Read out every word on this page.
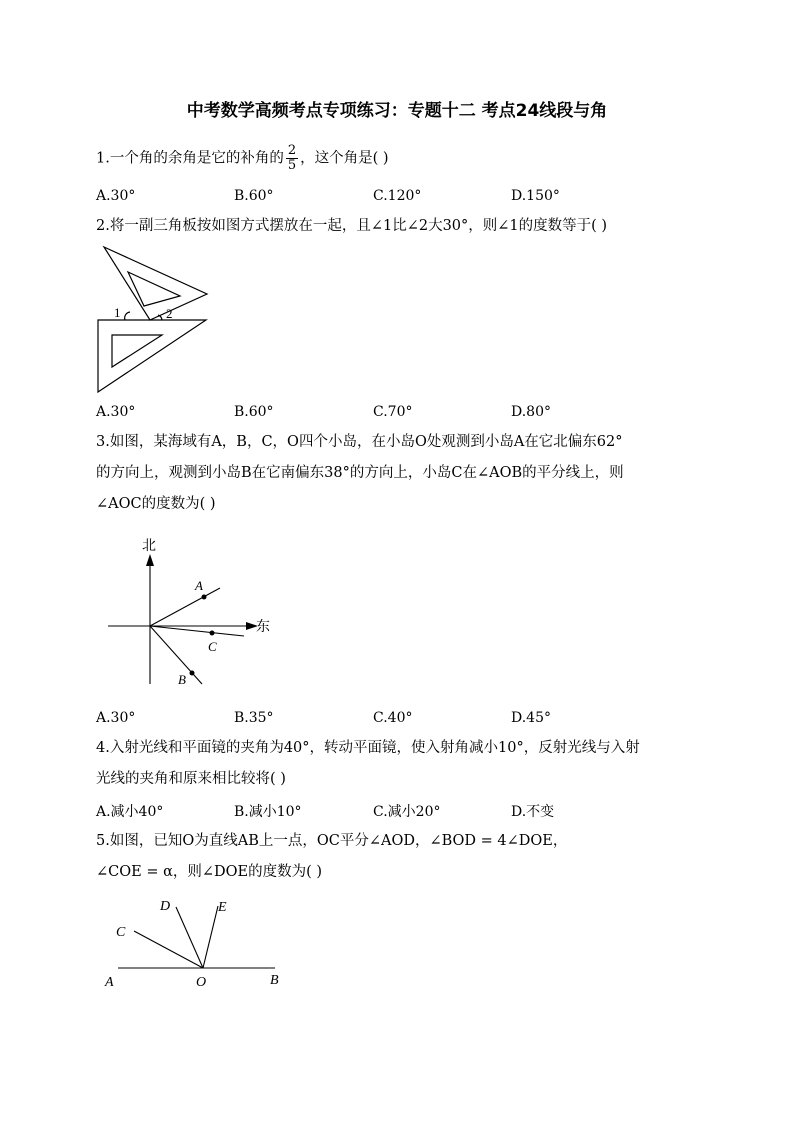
中考数学高频考点专项练习：专题十二 考点24线段与角
1.一个角的余角是它的补角的 $\frac{2}{5}$ ，这个角是( )
A.30°	B.60°	C.120°	D.150°
2.将一副三角板按如图方式摆放在一起，且∠1比∠2大30°，则∠1的度数等于( )
1	2
A.30°	B.60°	C.70°	D.80°
3.如图，某海域有A，B，C，O四个小岛，在小岛O处观测到小岛A在它北偏东62°
的方向上，观测到小岛B在它南偏东38°的方向上，小岛C在∠AOB的平分线上，则
∠AOC的度数为( )
北
东
A
C
B
A.30°	B.35°	C.40°	D.45°
4.入射光线和平面镜的夹角为40°，转动平面镜，使入射角减小10°，反射光线与入射
光线的夹角和原来相比较将( )
A.减小40°	B.减小10°	C.减小20°	D.不变
5.如图，已知O为直线AB上一点，OC平分∠AOD，∠BOD = 4∠DOE，
∠COE = α，则∠DOE的度数为( )
A	O	B
C
D	E
